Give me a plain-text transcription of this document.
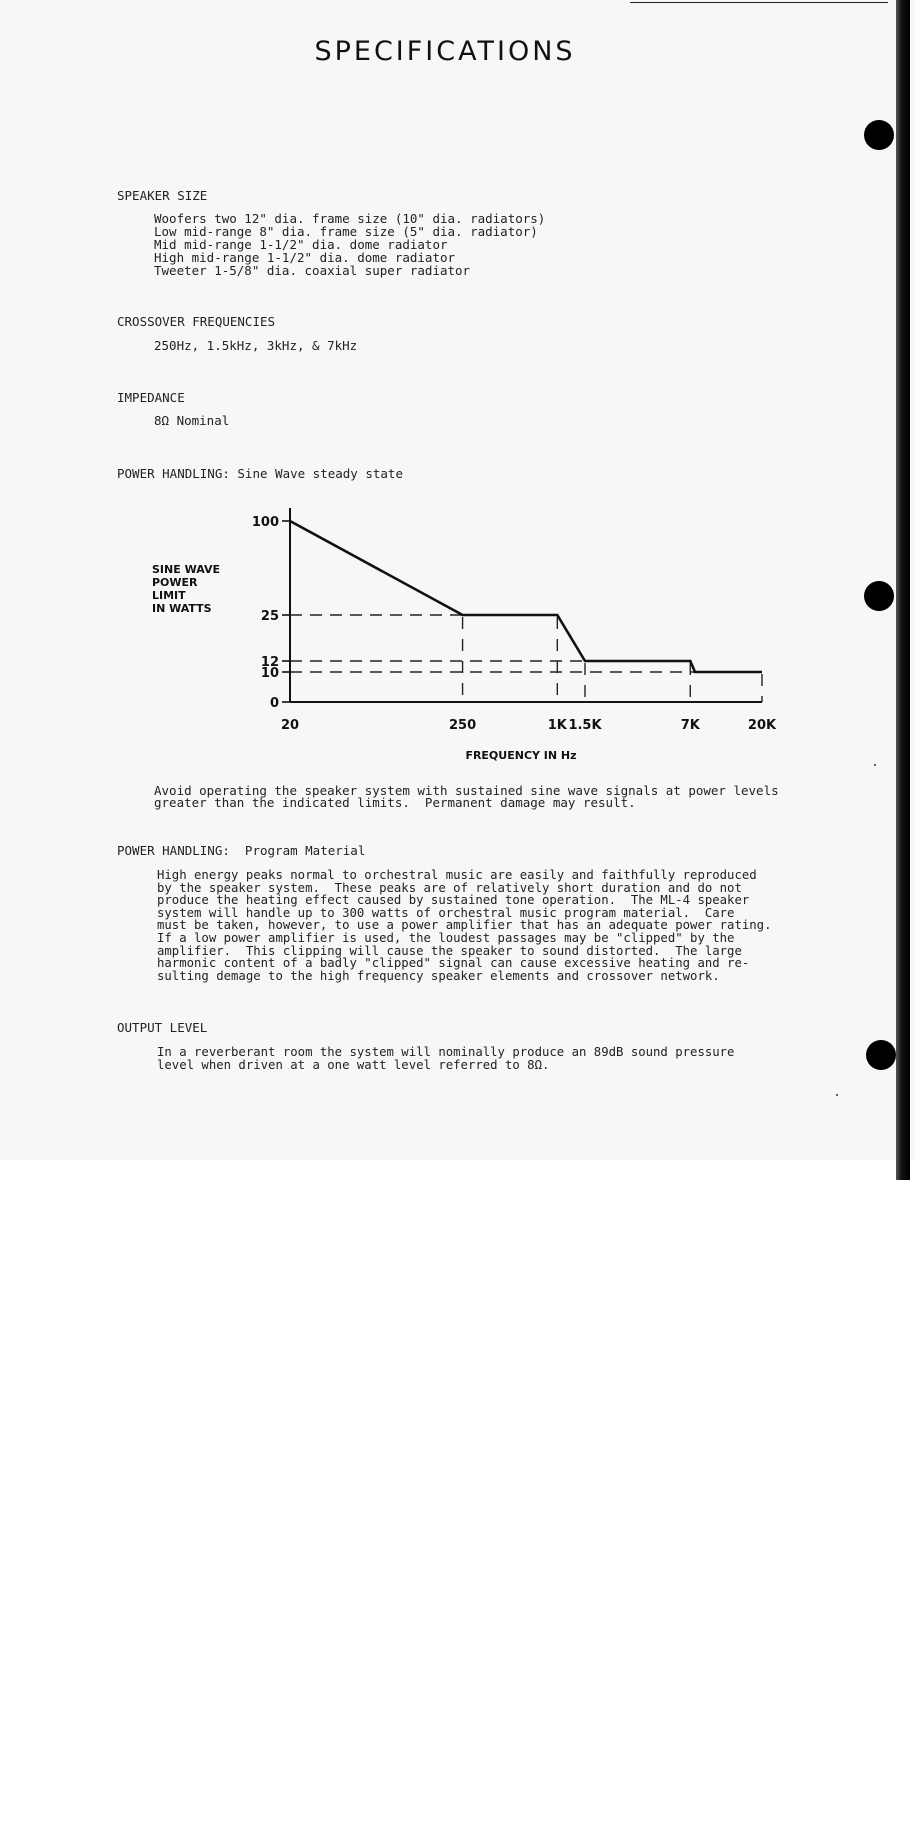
SPECIFICATIONS
SPEAKER SIZE
Woofers two 12" dia. frame size (10" dia. radiators)
Low mid-range 8" dia. frame size (5" dia. radiator)
Mid mid-range 1-1/2" dia. dome radiator
High mid-range 1-1/2" dia. dome radiator
Tweeter 1-5/8" dia. coaxial super radiator
CROSSOVER FREQUENCIES
250Hz, 1.5kHz, 3kHz, & 7kHz
IMPEDANCE
8Ω Nominal
POWER HANDLING: Sine Wave steady state
SINE WAVE
POWER
LIMIT
IN WATTS
0
10
12
25
100
20	250	1K 1.5K	7K	20K
FREQUENCY IN Hz
Avoid operating the speaker system with sustained sine wave signals at power levels
greater than the indicated limits.  Permanent damage may result.
POWER HANDLING:  Program Material
High energy peaks normal to orchestral music are easily and faithfully reproduced
by the speaker system.  These peaks are of relatively short duration and do not
produce the heating effect caused by sustained tone operation.  The ML-4 speaker
system will handle up to 300 watts of orchestral music program material.  Care
must be taken, however, to use a power amplifier that has an adequate power rating.
If a low power amplifier is used, the loudest passages may be "clipped" by the
amplifier.  This clipping will cause the speaker to sound distorted.  The large
harmonic content of a badly "clipped" signal can cause excessive heating and re-
sulting demage to the high frequency speaker elements and crossover network.
OUTPUT LEVEL
In a reverberant room the system will nominally produce an 89dB sound pressure
level when driven at a one watt level referred to 8Ω.
